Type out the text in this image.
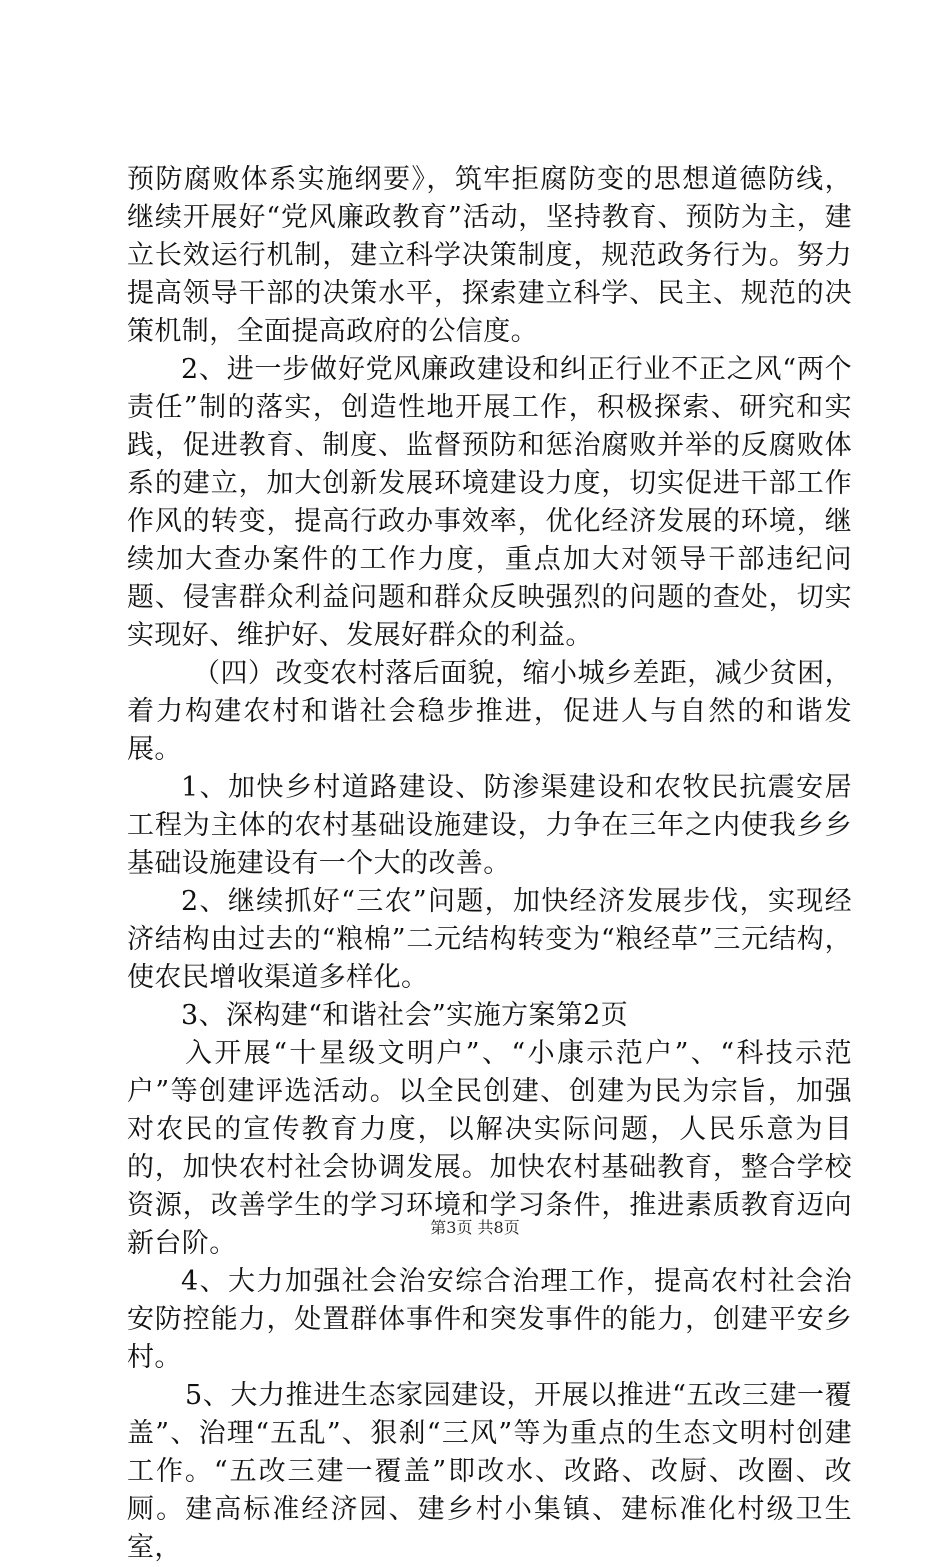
预防腐败体系实施纲要》，筑牢拒腐防变的思想道德防线，继续开展好“党风廉政教育”活动，坚持教育、预防为主，建立长效运行机制，建立科学决策制度，规范政务行为。努力提高领导干部的决策水平，探索建立科学、民主、规范的决策机制，全面提高政府的公信度。

2、进一步做好党风廉政建设和纠正行业不正之风“两个责任”制的落实，创造性地开展工作，积极探索、研究和实践，促进教育、制度、监督预防和惩治腐败并举的反腐败体系的建立，加大创新发展环境建设力度，切实促进干部工作作风的转变，提高行政办事效率，优化经济发展的环境，继续加大查办案件的工作力度，重点加大对领导干部违纪问题、侵害群众利益问题和群众反映强烈的问题的查处，切实实现好、维护好、发展好群众的利益。

（四）改变农村落后面貌，缩小城乡差距，减少贫困，着力构建农村和谐社会稳步推进，促进人与自然的和谐发展。

1、加快乡村道路建设、防渗渠建设和农牧民抗震安居工程为主体的农村基础设施建设，力争在三年之内使我乡乡基础设施建设有一个大的改善。

2、继续抓好“三农”问题，加快经济发展步伐，实现经济结构由过去的“粮棉”二元结构转变为“粮经草”三元结构，使农民增收渠道多样化。

3、深构建“和谐社会”实施方案第2页

入开展“十星级文明户”、“小康示范户”、“科技示范户”等创建评选活动。以全民创建、创建为民为宗旨，加强对农民的宣传教育力度，以解决实际问题，人民乐意为目的，加快农村社会协调发展。加快农村基础教育，整合学校资源，改善学生的学习环境和学习条件，推进素质教育迈向新台阶。

4、大力加强社会治安综合治理工作，提高农村社会治安防控能力，处置群体事件和突发事件的能力，创建平安乡村。

5、大力推进生态家园建设，开展以推进“五改三建一覆盖”、治理“五乱”、狠刹“三风”等为重点的生态文明村创建工作。“五改三建一覆盖”即改水、改路、改厨、改圈、改厕。建高标准经济园、建乡村小集镇、建标准化村级卫生室，

第3页 共8页
